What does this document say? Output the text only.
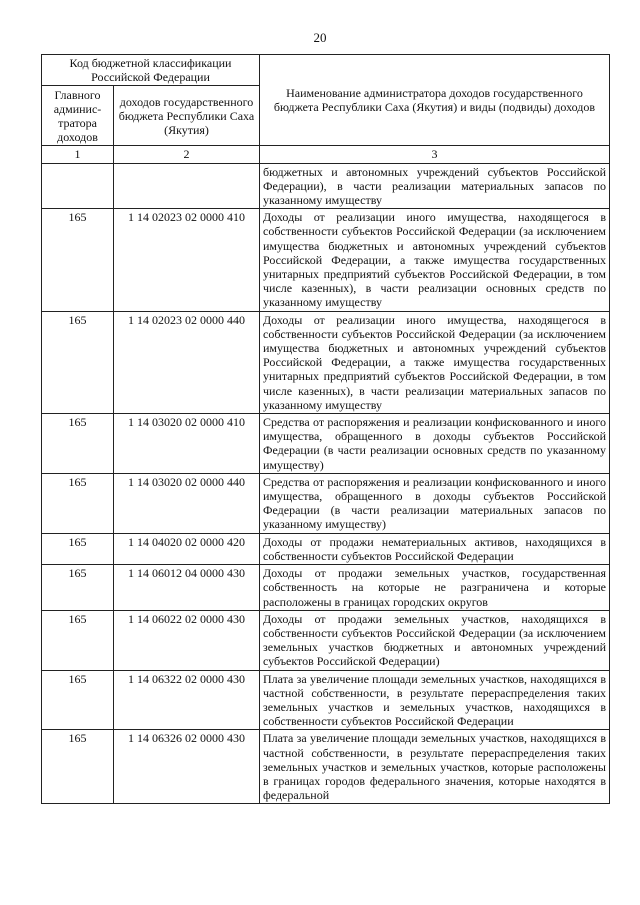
20
Код бюджетной классификации Российской Федерации		Наименование администратора доходов государственного бюджета Республики Саха (Якутия) и виды (подвиды) доходов
Главного админис-тратора доходов	доходов государственного бюджета Республики Саха (Якутия)	
1	2	3
		бюджетных и автономных учреждений субъектов Российской Федерации), в части реализации материальных запасов по указанному имуществу
165	1 14 02023 02 0000 410	Доходы от реализации иного имущества, находящегося в собственности субъектов Российской Федерации (за исключением имущества бюджетных и автономных учреждений субъектов Российской Федерации, а также имущества государственных унитарных предприятий субъектов Российской Федерации, в том числе казенных), в части реализации основных средств по указанному имуществу
165	1 14 02023 02 0000 440	Доходы от реализации иного имущества, находящегося в собственности субъектов Российской Федерации (за исключением имущества бюджетных и автономных учреждений субъектов Российской Федерации, а также имущества государственных унитарных предприятий субъектов Российской Федерации, в том числе казенных), в части реализации материальных запасов по указанному имуществу
165	1 14 03020 02 0000 410	Средства от распоряжения и реализации конфискованного и иного имущества, обращенного в доходы субъектов Российской Федерации (в части реализации основных средств по указанному имуществу)
165	1 14 03020 02 0000 440	Средства от распоряжения и реализации конфискованного и иного имущества, обращенного в доходы субъектов Российской Федерации (в части реализации материальных запасов по указанному имуществу)
165	1 14 04020 02 0000 420	Доходы от продажи нематериальных активов, находящихся в собственности субъектов Российской Федерации
165	1 14 06012 04 0000 430	Доходы от продажи земельных участков, государственная собственность на которые не разграничена и которые расположены в границах городских округов
165	1 14 06022 02 0000 430	Доходы от продажи земельных участков, находящихся в собственности субъектов Российской Федерации (за исключением земельных участков бюджетных и автономных учреждений субъектов Российской Федерации)
165	1 14 06322 02 0000 430	Плата за увеличение площади земельных участков, находящихся в частной собственности, в результате перераспределения таких земельных участков и земельных участков, находящихся в собственности субъектов Российской Федерации
165	1 14 06326 02 0000 430	Плата за увеличение площади земельных участков, находящихся в частной собственности, в результате перераспределения таких земельных участков и земельных участков, которые расположены в границах городов федерального значения, которые находятся в федеральной
